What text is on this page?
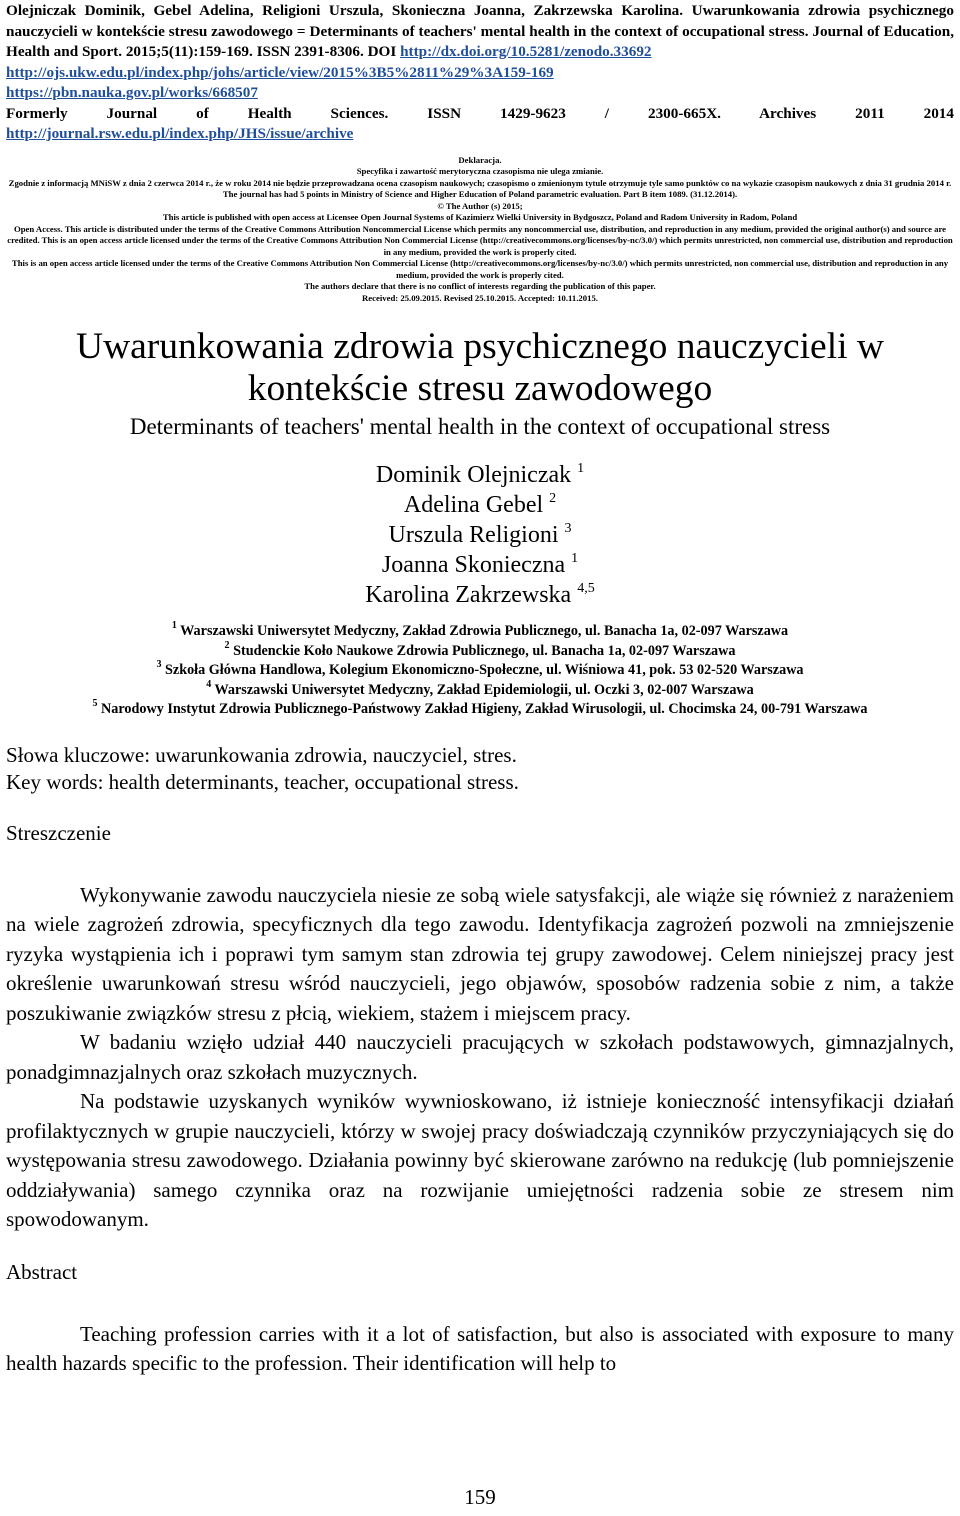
Olejniczak Dominik, Gebel Adelina, Religioni Urszula, Skonieczna Joanna, Zakrzewska Karolina. Uwarunkowania zdrowia psychicznego nauczycieli w kontekście stresu zawodowego = Determinants of teachers' mental health in the context of occupational stress. Journal of Education, Health and Sport. 2015;5(11):159-169. ISSN 2391-8306. DOI http://dx.doi.org/10.5281/zenodo.33692
http://ojs.ukw.edu.pl/index.php/johs/article/view/2015%3B5%2811%29%3A159-169
https://pbn.nauka.gov.pl/works/668507

Formerly Journal of Health Sciences. ISSN 1429-9623 / 2300-665X. Archives 2011 2014
http://journal.rsw.edu.pl/index.php/JHS/issue/archive
Deklaracja.
Specyfika i zawartość merytoryczna czasopisma nie ulega zmianie.
Zgodnie z informacją MNiSW z dnia 2 czerwca 2014 r., że w roku 2014 nie będzie przeprowadzana ocena czasopism naukowych; czasopismo o zmienionym tytule otrzymuje tyle samo punktów co na wykazie czasopism naukowych z dnia 31 grudnia 2014 r.
The journal has had 5 points in Ministry of Science and Higher Education of Poland parametric evaluation. Part B item 1089. (31.12.2014).
© The Author (s) 2015;
This article is published with open access at Licensee Open Journal Systems of Kazimierz Wielki University in Bydgoszcz, Poland and Radom University in Radom, Poland
Open Access. This article is distributed under the terms of the Creative Commons Attribution Noncommercial License which permits any noncommercial use, distribution, and reproduction in any medium, provided the original author(s) and source are credited. This is an open access article licensed under the terms of the Creative Commons Attribution Non Commercial License (http://creativecommons.org/licenses/by-nc/3.0/) which permits unrestricted, non commercial use, distribution and reproduction in any medium, provided the work is properly cited.
This is an open access article licensed under the terms of the Creative Commons Attribution Non Commercial License (http://creativecommons.org/licenses/by-nc/3.0/) which permits unrestricted, non commercial use, distribution and reproduction in any medium, provided the work is properly cited.
The authors declare that there is no conflict of interests regarding the publication of this paper.
Received: 25.09.2015. Revised 25.10.2015. Accepted: 10.11.2015.
Uwarunkowania zdrowia psychicznego nauczycieli w kontekście stresu zawodowego
Determinants of teachers' mental health in the context of occupational stress
Dominik Olejniczak $^1$
Adelina Gebel $^2$
Urszula Religioni $^3$
Joanna Skonieczna $^1$
Karolina Zakrzewska $^{4,5}$
$^1$ Warszawski Uniwersytet Medyczny, Zakład Zdrowia Publicznego, ul. Banacha 1a, 02-097 Warszawa
$^2$ Studenckie Koło Naukowe Zdrowia Publicznego, ul. Banacha 1a, 02-097 Warszawa
$^3$ Szkoła Główna Handlowa, Kolegium Ekonomiczno-Społeczne, ul. Wiśniowa 41, pok. 53 02-520 Warszawa
$^4$ Warszawski Uniwersytet Medyczny, Zakład Epidemiologii, ul. Oczki 3, 02-007 Warszawa
$^5$ Narodowy Instytut Zdrowia Publicznego-Państwowy Zakład Higieny, Zakład Wirusologii, ul. Chocimska 24, 00-791 Warszawa
Słowa kluczowe: uwarunkowania zdrowia, nauczyciel, stres.
Key words: health determinants, teacher, occupational stress.
Streszczenie

Wykonywanie zawodu nauczyciela niesie ze sobą wiele satysfakcji, ale wiąże się również z narażeniem na wiele zagrożeń zdrowia, specyficznych dla tego zawodu. Identyfikacja zagrożeń pozwoli na zmniejszenie ryzyka wystąpienia ich i poprawi tym samym stan zdrowia tej grupy zawodowej. Celem niniejszej pracy jest określenie uwarunkowań stresu wśród nauczycieli, jego objawów, sposobów radzenia sobie z nim, a także poszukiwanie związków stresu z płcią, wiekiem, stażem i miejscem pracy.

W badaniu wzięło udział 440 nauczycieli pracujących w szkołach podstawowych, gimnazjalnych, ponadgimnazjalnych oraz szkołach muzycznych.

Na podstawie uzyskanych wyników wywnioskowano, iż istnieje konieczność intensyfikacji działań profilaktycznych w grupie nauczycieli, którzy w swojej pracy doświadczają czynników przyczyniających się do występowania stresu zawodowego. Działania powinny być skierowane zarówno na redukcję (lub pomniejszenie oddziaływania) samego czynnika oraz na rozwijanie umiejętności radzenia sobie ze stresem nim spowodowanym.

Abstract

Teaching profession carries with it a lot of satisfaction, but also is associated with exposure to many health hazards specific to the profession. Their identification will help to

159
